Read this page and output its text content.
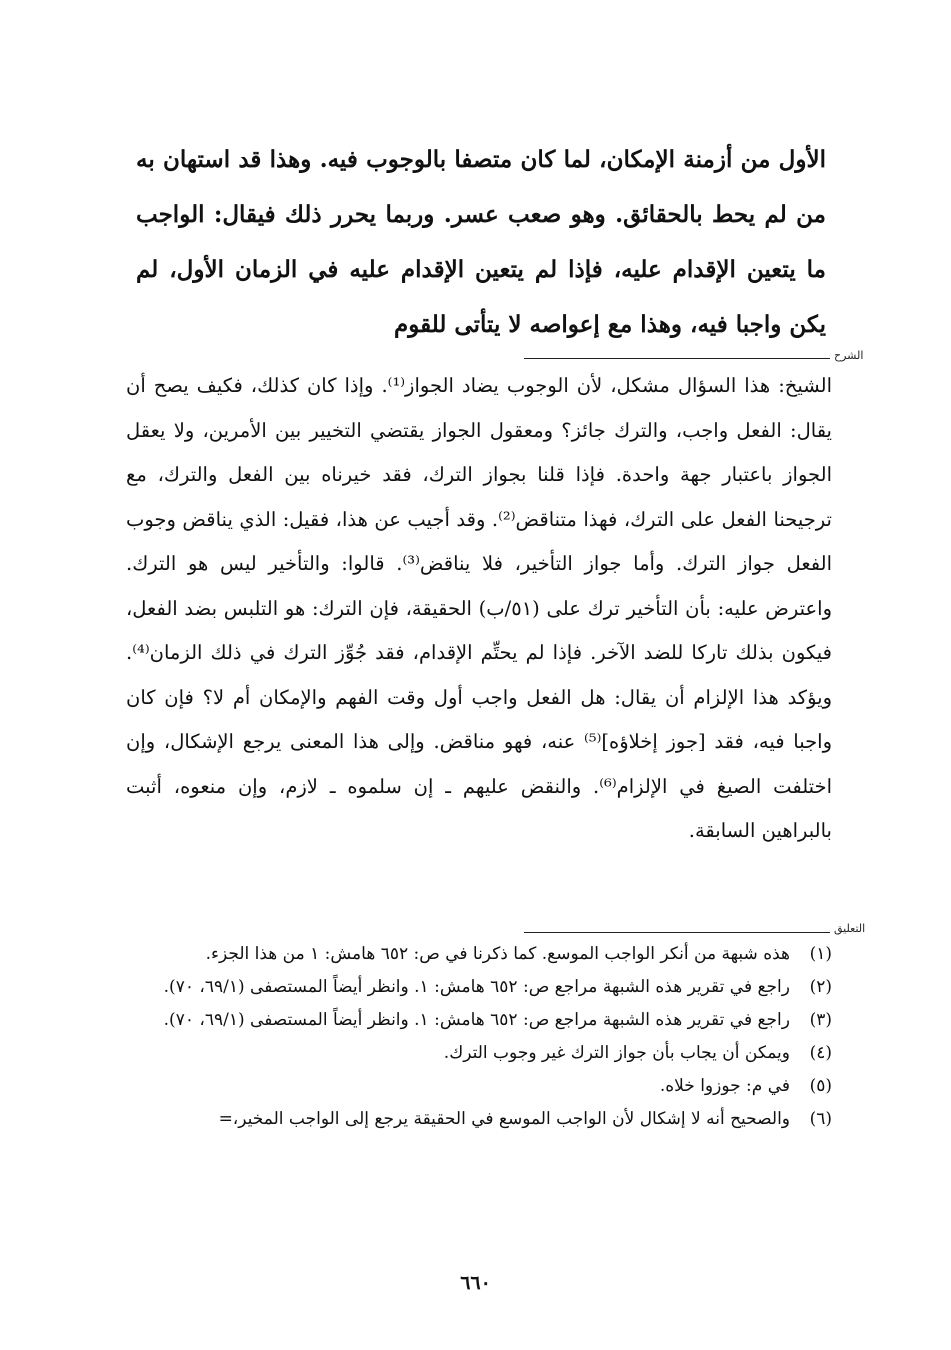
الأول من أزمنة الإمكان، لما كان متصفا بالوجوب فيه. وهذا قد استهان به من لم يحط بالحقائق. وهو صعب عسر. وربما يحرر ذلك فيقال: الواجب ما يتعين الإقدام عليه، فإذا لم يتعين الإقدام عليه في الزمان الأول، لم يكن واجبا فيه، وهذا مع إعواصه لا يتأتى للقوم
الشرح
الشيخ: هذا السؤال مشكل، لأن الوجوب يضاد الجواز⁽¹⁾. وإذا كان كذلك، فكيف يصح أن يقال: الفعل واجب، والترك جائز؟ ومعقول الجواز يقتضي التخيير بين الأمرين، ولا يعقل الجواز باعتبار جهة واحدة. فإذا قلنا بجواز الترك، فقد خيرناه بين الفعل والترك، مع ترجيحنا الفعل على الترك، فهذا متناقض⁽²⁾. وقد أجيب عن هذا، فقيل: الذي يناقض وجوب الفعل جواز الترك. وأما جواز التأخير، فلا يناقض⁽³⁾. قالوا: والتأخير ليس هو الترك. واعترض عليه: بأن التأخير ترك على (٥١/ب) الحقيقة، فإن الترك: هو التلبس بضد الفعل، فيكون بذلك تاركا للضد الآخر. فإذا لم يحتِّم الإقدام، فقد جُوِّز الترك في ذلك الزمان⁽⁴⁾. ويؤكد هذا الإلزام أن يقال: هل الفعل واجب أول وقت الفهم والإمكان أم لا؟ فإن كان واجبا فيه، فقد [جوز إخلاؤه]⁽⁵⁾ عنه، فهو مناقض. وإلى هذا المعنى يرجع الإشكال، وإن اختلفت الصيغ في الإلزام⁽⁶⁾. والنقض عليهم ـ إن سلموه ـ لازم، وإن منعوه، أثبت بالبراهين السابقة.
التعليق
(١)
هذه شبهة من أنكر الواجب الموسع. كما ذكرنا في ص: ٦٥٢ هامش: ١ من هذا الجزء.
(٢)
راجع في تقرير هذه الشبهة مراجع ص: ٦٥٢ هامش: ١. وانظر أيضاً المستصفى (٦٩/١، ٧٠).
(٣)
راجع في تقرير هذه الشبهة مراجع ص: ٦٥٢ هامش: ١. وانظر أيضاً المستصفى (٦٩/١، ٧٠).
(٤)
ويمكن أن يجاب بأن جواز الترك غير وجوب الترك.
(٥)
في م: جوزوا خلاه.
(٦)
والصحيح أنه لا إشكال لأن الواجب الموسع في الحقيقة يرجع إلى الواجب المخير،=
٦٦٠
